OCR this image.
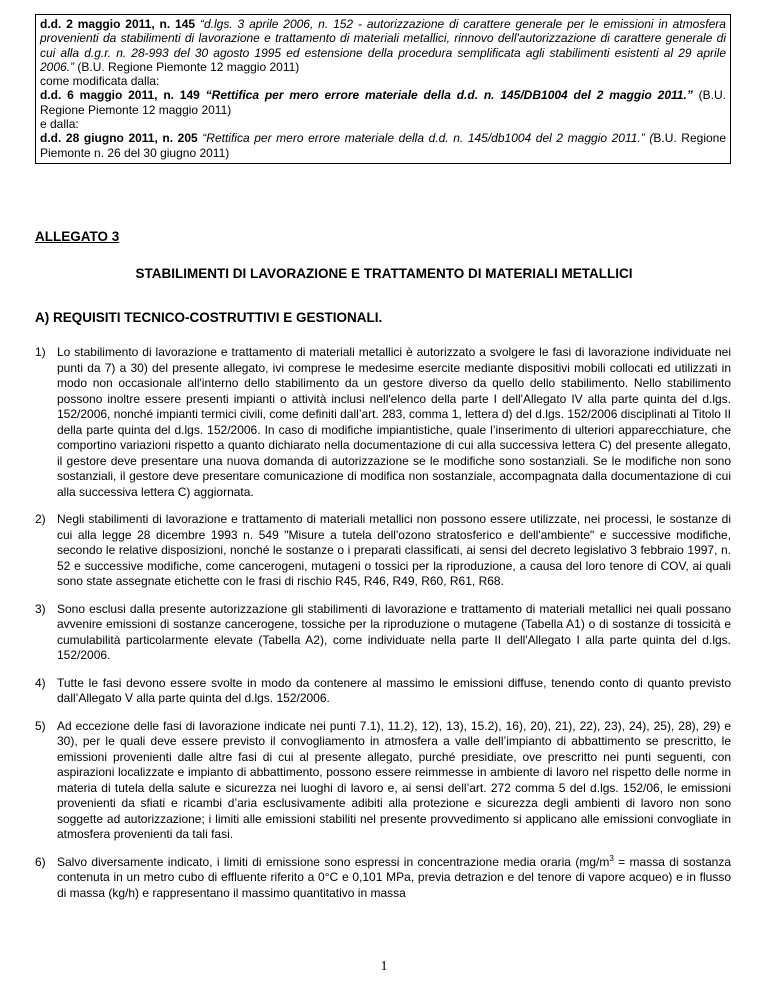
d.d. 2 maggio 2011, n. 145 “d.lgs. 3 aprile 2006, n. 152 - autorizzazione di carattere generale per le emissioni in atmosfera provenienti da stabilimenti di lavorazione e trattamento di materiali metallici, rinnovo dell'autorizzazione di carattere generale di cui alla d.g.r. n. 28-993 del 30 agosto 1995 ed estensione della procedura semplificata agli stabilimenti esistenti al 29 aprile 2006.” (B.U. Regione Piemonte 12 maggio 2011)
come modificata dalla:
d.d. 6 maggio 2011, n. 149 “Rettifica per mero errore materiale della d.d. n. 145/DB1004 del 2 maggio 2011.” (B.U. Regione Piemonte 12 maggio 2011)
e dalla:
d.d. 28 giugno 2011, n. 205 “Rettifica per mero errore materiale della d.d. n. 145/db1004 del 2 maggio 2011.” (B.U. Regione Piemonte n. 26 del 30 giugno 2011)
ALLEGATO 3
STABILIMENTI DI LAVORAZIONE E TRATTAMENTO DI MATERIALI METALLICI
A) REQUISITI TECNICO-COSTRUTTIVI E GESTIONALI.
1) Lo stabilimento di lavorazione e trattamento di materiali metallici è autorizzato a svolgere le fasi di lavorazione individuate nei punti da 7) a 30) del presente allegato, ivi comprese le medesime esercite mediante dispositivi mobili collocati ed utilizzati in modo non occasionale all'interno dello stabilimento da un gestore diverso da quello dello stabilimento. Nello stabilimento possono inoltre essere presenti impianti o attività inclusi nell'elenco della parte I dell'Allegato IV alla parte quinta del d.lgs. 152/2006, nonché impianti termici civili, come definiti dall’art. 283, comma 1, lettera d) del d.lgs. 152/2006 disciplinati al Titolo II della parte quinta del d.lgs. 152/2006. In caso di modifiche impiantistiche, quale l’inserimento di ulteriori apparecchiature, che comportino variazioni rispetto a quanto dichiarato nella documentazione di cui alla successiva lettera C) del presente allegato, il gestore deve presentare una nuova domanda di autorizzazione se le modifiche sono sostanziali. Se le modifiche non sono sostanziali, il gestore deve presentare comunicazione di modifica non sostanziale, accompagnata dalla documentazione di cui alla successiva lettera C) aggiornata.
2) Negli stabilimenti di lavorazione e trattamento di materiali metallici non possono essere utilizzate, nei processi, le sostanze di cui alla legge 28 dicembre 1993 n. 549 "Misure a tutela dell'ozono stratosferico e dell'ambiente" e successive modifiche, secondo le relative disposizioni, nonché le sostanze o i preparati classificati, ai sensi del decreto legislativo 3 febbraio 1997, n. 52 e successive modifiche, come cancerogeni, mutageni o tossici per la riproduzione, a causa del loro tenore di COV, ai quali sono state assegnate etichette con le frasi di rischio R45, R46, R49, R60, R61, R68.
3) Sono esclusi dalla presente autorizzazione gli stabilimenti di lavorazione e trattamento di materiali metallici nei quali possano avvenire emissioni di sostanze cancerogene, tossiche per la riproduzione o mutagene (Tabella A1) o di sostanze di tossicità e cumulabilità particolarmente elevate (Tabella A2), come individuate nella parte II dell'Allegato I alla parte quinta del d.lgs. 152/2006.
4) Tutte le fasi devono essere svolte in modo da contenere al massimo le emissioni diffuse, tenendo conto di quanto previsto dall’Allegato V alla parte quinta del d.lgs. 152/2006.
5) Ad eccezione delle fasi di lavorazione indicate nei punti 7.1), 11.2), 12), 13), 15.2), 16), 20), 21), 22), 23), 24), 25), 28), 29) e 30), per le quali deve essere previsto il convogliamento in atmosfera a valle dell’impianto di abbattimento se prescritto, le emissioni provenienti dalle altre fasi di cui al presente allegato, purché presidiate, ove prescritto nei punti seguenti, con aspirazioni localizzate e impianto di abbattimento, possono essere reimmesse in ambiente di lavoro nel rispetto delle norme in materia di tutela della salute e sicurezza nei luoghi di lavoro e, ai sensi dell’art. 272 comma 5 del d.lgs. 152/06, le emissioni provenienti da sfiati e ricambi d’aria esclusivamente adibiti alla protezione e sicurezza degli ambienti di lavoro non sono soggette ad autorizzazione; i limiti alle emissioni stabiliti nel presente provvedimento si applicano alle emissioni convogliate in atmosfera provenienti da tali fasi.
6) Salvo diversamente indicato, i limiti di emissione sono espressi in concentrazione media oraria ($mg/m^3$ = massa di sostanza contenuta in un metro cubo di effluente riferito a 0°C e 0,101 MPa, previa detrazion e del tenore di vapore acqueo) e in flusso di massa (kg/h) e rappresentano il massimo quantitativo in massa
1
